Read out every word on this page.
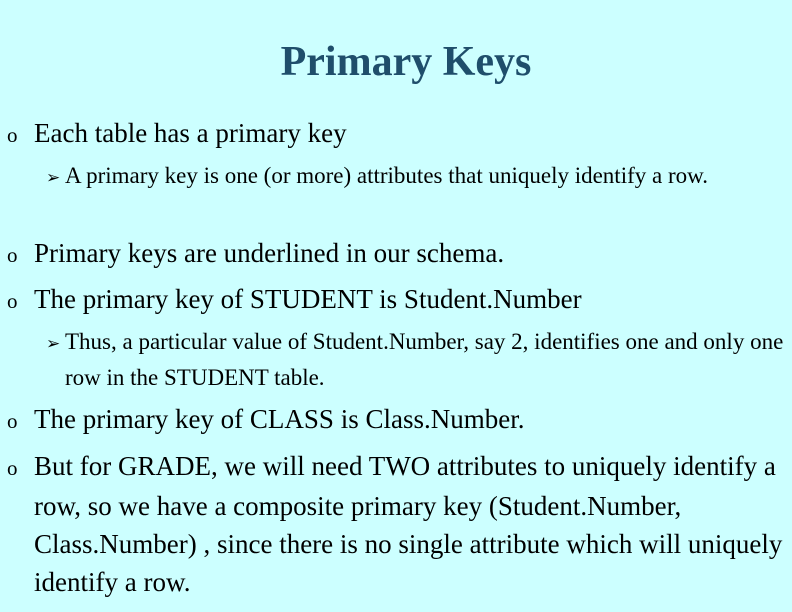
Primary Keys
o Each table has a primary key
➢ A primary key is one (or more) attributes that uniquely identify a row.
o Primary keys are underlined in our schema.
o The primary key of STUDENT is Student.Number
➢ Thus, a particular value of Student.Number, say 2, identifies one and only one row in the STUDENT table.
o The primary key of CLASS is Class.Number.
o But for GRADE, we will need TWO attributes to uniquely identify a row, so we have a composite primary key (Student.Number, Class.Number) , since there is no single attribute which will uniquely identify a row.
